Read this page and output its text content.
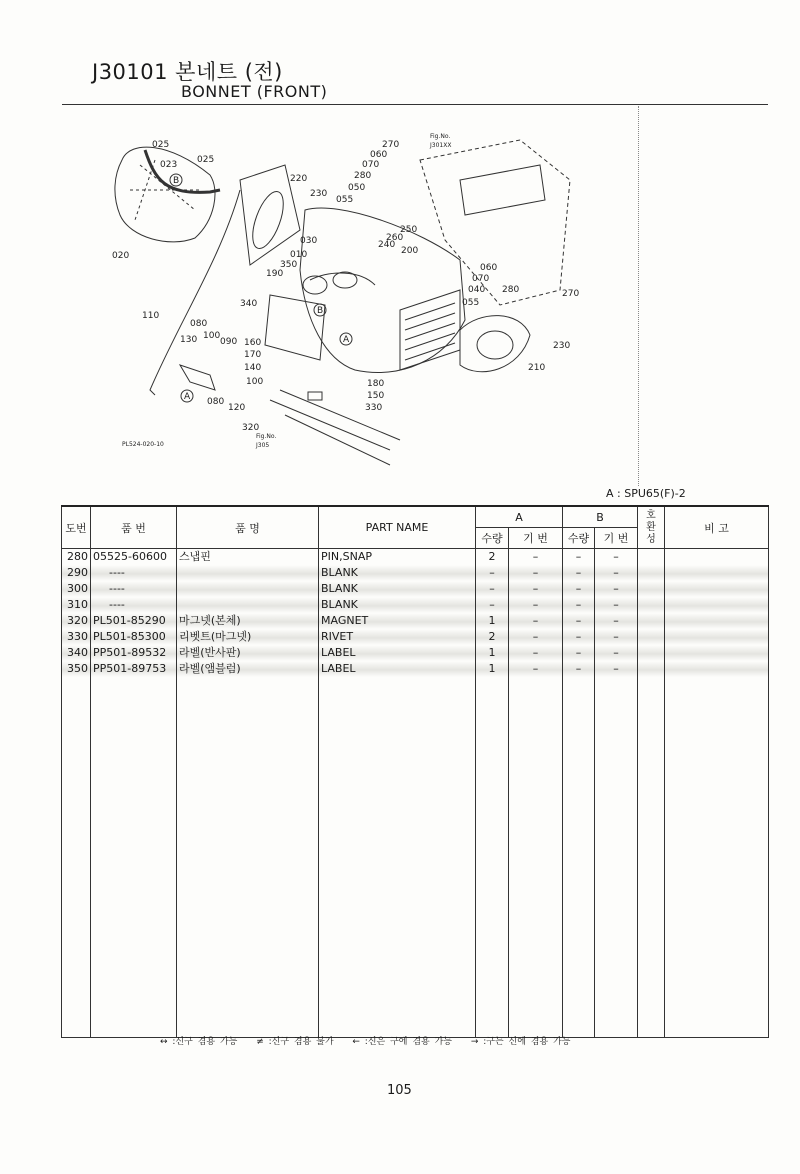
J30101 본네트 (전)
BONNET (FRONT)
B
B
A
A
025
023 025
020
220
230
270
060
070
280
050
055
030
010
350
190
340
110
080
130 100
090 160
170
140
100
080
120
250
240
260
200
060
070
040
055
280	270
230
210
180
150
330
320
Fig.No.
J301XX
Fig.No.
J305
PL524-020-10
A : SPU65(F)-2
도번	품 번	품 명	PART NAME	A		B		호환성	비 고
				수량	기 번	수량	기 번		
280	05525-60600	스냅핀	PIN,SNAP	2	–	–	–		
290	----		BLANK	–	–	–	–		
300	----		BLANK	–	–	–	–		
310	----		BLANK	–	–	–	–		
320	PL501-85290	마그넷(본체)	MAGNET	1	–	–	–		
330	PL501-85300	리벳트(마그넷)	RIVET	2	–	–	–		
340	PP501-89532	라벨(반사판)	LABEL	1	–	–	–		
350	PP501-89753	라벨(앰블럼)	LABEL	1	–	–	–		

↔ :신구 겸용 가능 ≠ :신구 겸용 불가 ← :신은 구에 겸용 가능 → :구는 신에 겸용 가능
105
